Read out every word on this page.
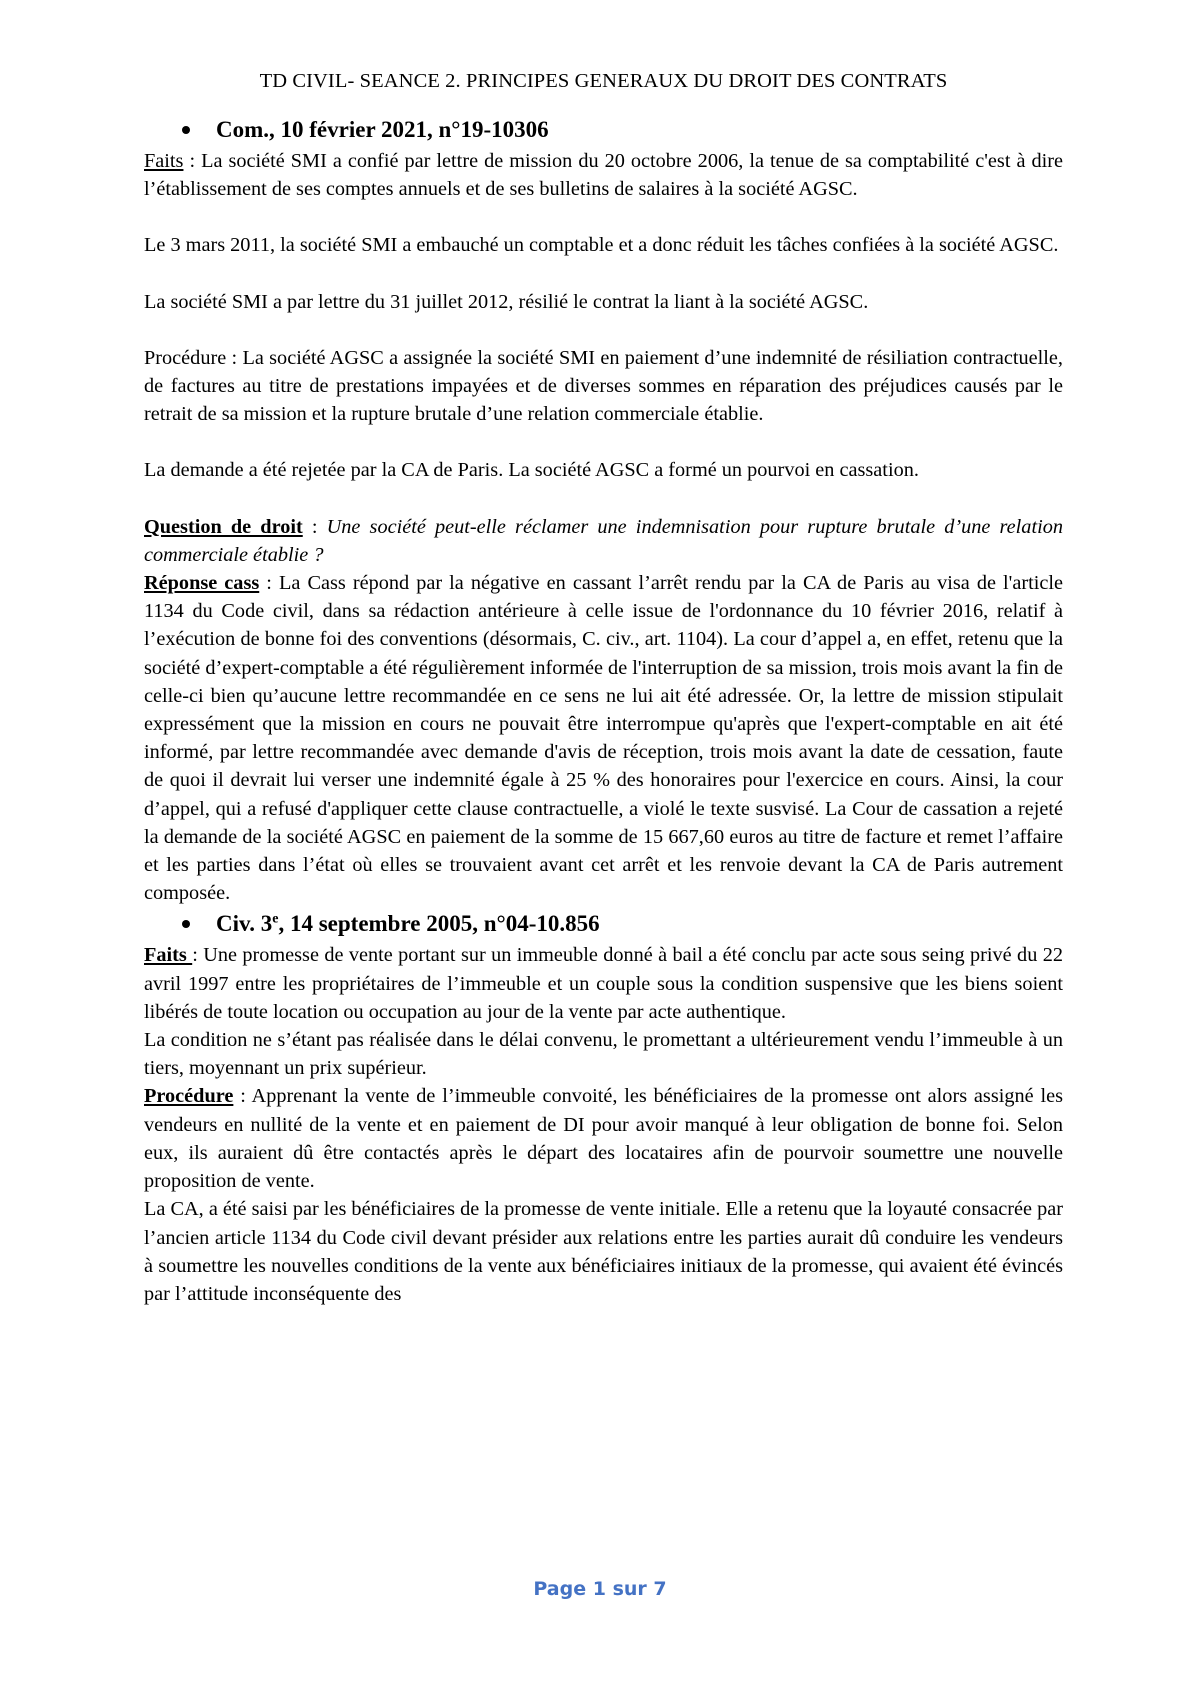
TD CIVIL- SEANCE 2. PRINCIPES GENERAUX DU DROIT DES CONTRATS
Com., 10 février 2021, n°19-10306

Faits : La société SMI a confié par lettre de mission du 20 octobre 2006, la tenue de sa comptabilité c'est à dire l’établissement de ses comptes annuels et de ses bulletins de salaires à la société AGSC.

Le 3 mars 2011, la société SMI a embauché un comptable et a donc réduit les tâches confiées à la société AGSC.

La société SMI a par lettre du 31 juillet 2012, résilié le contrat la liant à la société AGSC.

Procédure : La société AGSC a assignée la société SMI en paiement d’une indemnité de résiliation contractuelle, de factures au titre de prestations impayées et de diverses sommes en réparation des préjudices causés par le retrait de sa mission et la rupture brutale d’une relation commerciale établie.

La demande a été rejetée par la CA de Paris. La société AGSC a formé un pourvoi en cassation.

Question de droit : Une société peut-elle réclamer une indemnisation pour rupture brutale d’une relation commerciale établie ?

Réponse cass : La Cass répond par la négative en cassant l’arrêt rendu par la CA de Paris au visa de l'article 1134 du Code civil, dans sa rédaction antérieure à celle issue de l'ordonnance du 10 février 2016, relatif à l’exécution de bonne foi des conventions (désormais, C. civ., art. 1104). La cour d’appel a, en effet, retenu que la société d’expert-comptable a été régulièrement informée de l'interruption de sa mission, trois mois avant la fin de celle-ci bien qu’aucune lettre recommandée en ce sens ne lui ait été adressée. Or, la lettre de mission stipulait expressément que la mission en cours ne pouvait être interrompue qu'après que l'expert-comptable en ait été informé, par lettre recommandée avec demande d'avis de réception, trois mois avant la date de cessation, faute de quoi il devrait lui verser une indemnité égale à 25 % des honoraires pour l'exercice en cours. Ainsi, la cour d’appel, qui a refusé d'appliquer cette clause contractuelle, a violé le texte susvisé. La Cour de cassation a rejeté la demande de la société AGSC en paiement de la somme de 15 667,60 euros au titre de facture et remet l’affaire et les parties dans l’état où elles se trouvaient avant cet arrêt et les renvoie devant la CA de Paris autrement composée.

Civ. 3e, 14 septembre 2005, n°04-10.856

Faits : Une promesse de vente portant sur un immeuble donné à bail a été conclu par acte sous seing privé du 22 avril 1997 entre les propriétaires de l’immeuble et un couple sous la condition suspensive que les biens soient libérés de toute location ou occupation au jour de la vente par acte authentique.

La condition ne s’étant pas réalisée dans le délai convenu, le promettant a ultérieurement vendu l’immeuble à un tiers, moyennant un prix supérieur.

Procédure : Apprenant la vente de l’immeuble convoité, les bénéficiaires de la promesse ont alors assigné les vendeurs en nullité de la vente et en paiement de DI pour avoir manqué à leur obligation de bonne foi. Selon eux, ils auraient dû être contactés après le départ des locataires afin de pourvoir soumettre une nouvelle proposition de vente.

La CA, a été saisi par les bénéficiaires de la promesse de vente initiale. Elle a retenu que la loyauté consacrée par l’ancien article 1134 du Code civil devant présider aux relations entre les parties aurait dû conduire les vendeurs à soumettre les nouvelles conditions de la vente aux bénéficiaires initiaux de la promesse, qui avaient été évincés par l’attitude inconséquente des

Page 1 sur 7
